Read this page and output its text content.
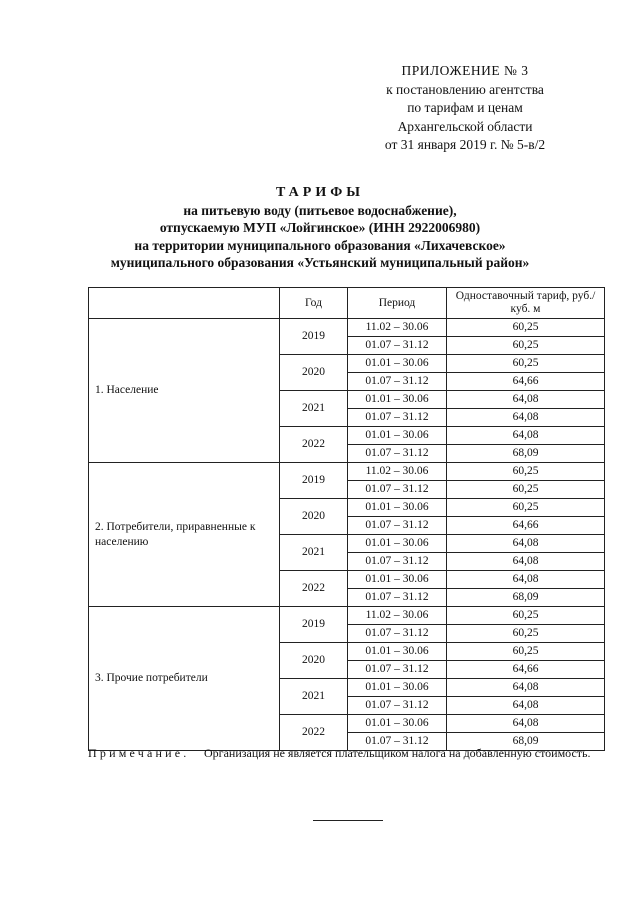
ПРИЛОЖЕНИЕ № 3
к постановлению агентства
по тарифам и ценам
Архангельской области
от 31 января 2019 г. № 5-в/2
ТАРИФЫ
на питьевую воду (питьевое водоснабжение),
отпускаемую МУП «Лойгинское» (ИНН 2922006980)
на территории муниципального образования «Лихачевское»
муниципального образования «Устьянский муниципальный район»
	Год	Период	Одноставочный тариф, руб./куб. м
1. Население	2019	11.02 – 30.06	60,25
		01.07 – 31.12	60,25
	2020	01.01 – 30.06	60,25
		01.07 – 31.12	64,66
	2021	01.01 – 30.06	64,08
		01.07 – 31.12	64,08
	2022	01.01 – 30.06	64,08
		01.07 – 31.12	68,09
2. Потребители, приравненные к населению	2019	11.02 – 30.06	60,25
		01.07 – 31.12	60,25
	2020	01.01 – 30.06	60,25
		01.07 – 31.12	64,66
	2021	01.01 – 30.06	64,08
		01.07 – 31.12	64,08
	2022	01.01 – 30.06	64,08
		01.07 – 31.12	68,09
3. Прочие потребители	2019	11.02 – 30.06	60,25
		01.07 – 31.12	60,25
	2020	01.01 – 30.06	60,25
		01.07 – 31.12	64,66
	2021	01.01 – 30.06	64,08
		01.07 – 31.12	64,08
	2022	01.01 – 30.06	64,08
		01.07 – 31.12	68,09
Примечание. Организация не является плательщиком налога на добавленную стоимость.
